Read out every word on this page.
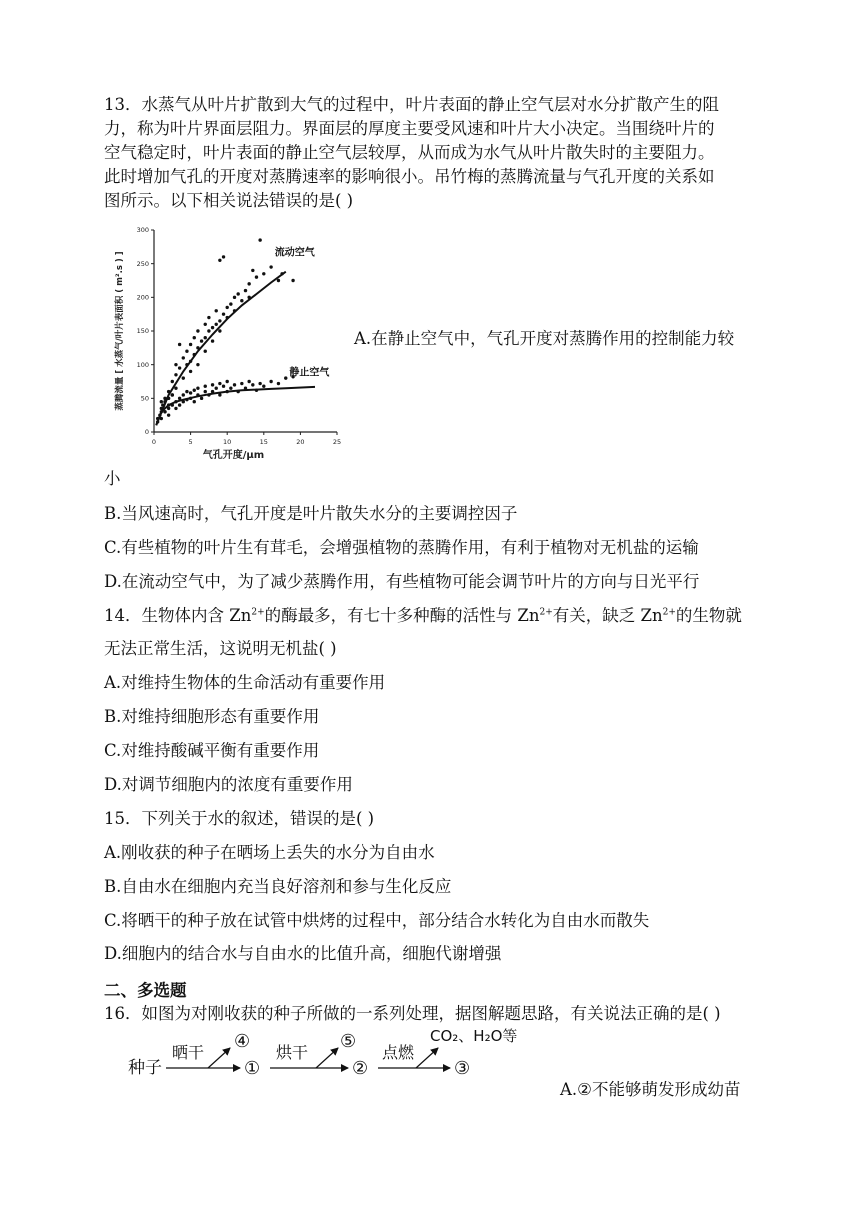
13．水蒸气从叶片扩散到大气的过程中，叶片表面的静止空气层对水分扩散产生的阻

力，称为叶片界面层阻力。界面层的厚度主要受风速和叶片大小决定。当围绕叶片的

空气稳定时，叶片表面的静止空气层较厚，从而成为水气从叶片散失时的主要阻力。

此时增加气孔的开度对蒸腾速率的影响很小。吊竹梅的蒸腾流量与气孔开度的关系如

图所示。以下相关说法错误的是( )

0	5	10	15	20	25
0
50
100
150
200
250
300
气孔开度/μm
蒸腾流量 [ 水蒸气/叶片表面积 ( m².s ) ]	流动空气
静止空气
A.在静止空气中，气孔开度对蒸腾作用的控制能力较
小
B.当风速高时，气孔开度是叶片散失水分的主要调控因子
C.有些植物的叶片生有茸毛，会增强植物的蒸腾作用，有利于植物对无机盐的运输
D.在流动空气中，为了减少蒸腾作用，有些植物可能会调节叶片的方向与日光平行
14．生物体内含 $Zn^{2+}$的酶最多，有七十多种酶的活性与 $Zn^{2+}$有关，缺乏 $Zn^{2+}$的生物就
无法正常生活，这说明无机盐( )
A.对维持生物体的生命活动有重要作用
B.对维持细胞形态有重要作用
C.对维持酸碱平衡有重要作用
D.对调节细胞内的浓度有重要作用
15．下列关于水的叙述，错误的是( )
A.刚收获的种子在晒场上丢失的水分为自由水
B.自由水在细胞内充当良好溶剂和参与生化反应
C.将晒干的种子放在试管中烘烤的过程中，部分结合水转化为自由水而散失
D.细胞内的结合水与自由水的比值升高，细胞代谢增强
二、多选题
16．如图为对刚收获的种子所做的一系列处理，据图解题思路，有关说法正确的是( )
种子
晒干
④
①
烘干
⑤
②
点燃
CO₂、H₂O等
③
A.②不能够萌发形成幼苗
